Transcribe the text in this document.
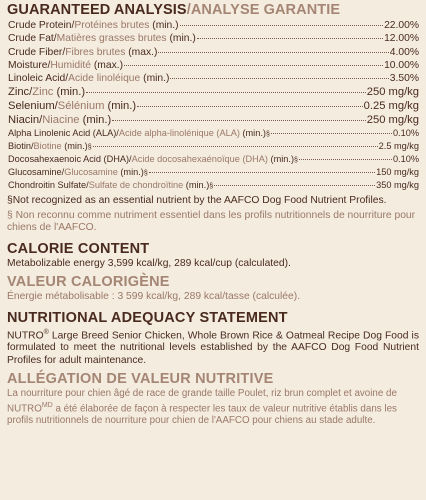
GUARANTEED ANALYSIS/ANALYSE GARANTIE
Crude Protein / Protéines brutes (min.)	22.00%
Crude Fat / Matières grasses brutes (min.)	12.00%
Crude Fiber / Fibres brutes (max.)	4.00%
Moisture / Humidité (max.)	10.00%
Linoleic Acid / Acide linoléique (min.)	3.50%
Zinc / Zinc (min.)	250 mg/kg
Selenium / Sélénium (min.)	0.25 mg/kg
Niacin / Niacine (min.)	250 mg/kg
Alpha Linolenic Acid (ALA) / Acide alpha-linolénique (ALA) (min.) §	0.10%
Biotin / Biotine (min.) §	2.5 mg/kg
Docosahexaenoic Acid (DHA) / Acide docosahexaénoïque (DHA) (min.) §	0.10%
Glucosamine / Glucosamine (min.) §	150 mg/kg
Chondroitin Sulfate / Sulfate de chondroïtine (min.) §	350 mg/kg
§Not recognized as an essential nutrient by the AAFCO Dog Food Nutrient Profiles.
§ Non reconnu comme nutriment essentiel dans les profils nutritionnels de nourriture pour chiens de l'AAFCO.
CALORIE CONTENT
Metabolizable energy 3,599 kcal/kg, 289 kcal/cup (calculated).
VALEUR CALORIGÈNE
Énergie métabolisable : 3 599 kcal/kg, 289 kcal/tasse (calculée).
NUTRITIONAL ADEQUACY STATEMENT
NUTRO® Large Breed Senior Chicken, Whole Brown Rice & Oatmeal Recipe Dog Food is formulated to meet the nutritional levels established by the AAFCO Dog Food Nutrient Profiles for adult maintenance.
ALLÉGATION DE VALEUR NUTRITIVE
La nourriture pour chien âgé de race de grande taille Poulet, riz brun complet et avoine de $NUTRO^{MD}$ a été élaborée de façon à respecter les taux de valeur nutritive établis dans les profils nutritionnels de nourriture pour chien de l'AAFCO pour chiens au stade adulte.
